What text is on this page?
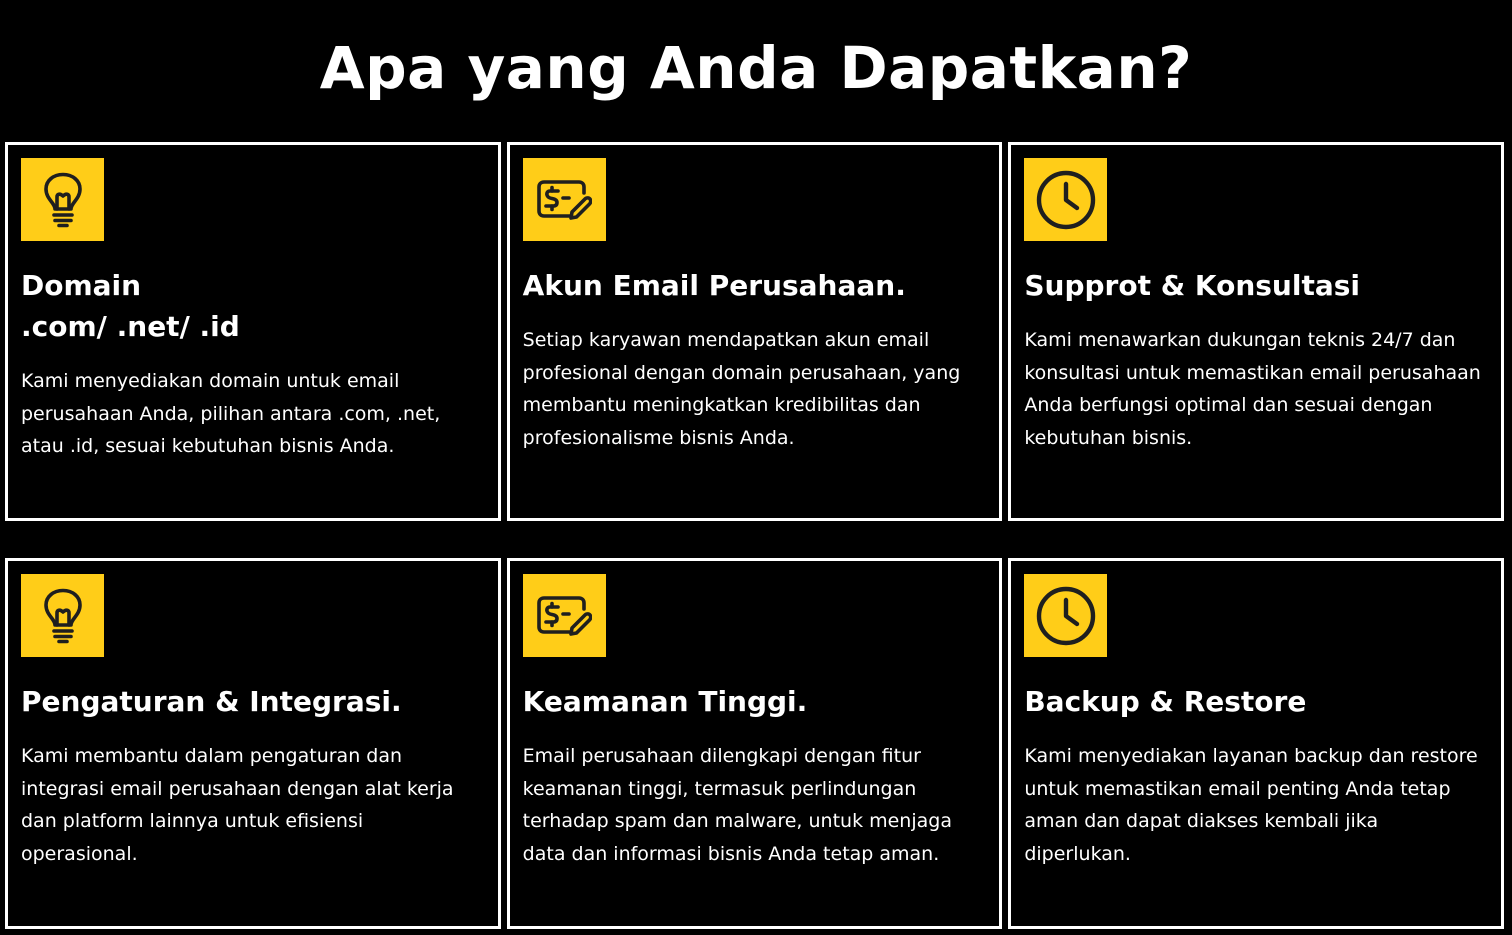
Apa yang Anda Dapatkan?
Domain
.com/ .net/ .id

Kami menyediakan domain untuk email perusahaan Anda, pilihan antara .com, .net, atau .id, sesuai kebutuhan bisnis Anda.

Akun Email Perusahaan.

Setiap karyawan mendapatkan akun email profesional dengan domain perusahaan, yang membantu meningkatkan kredibilitas dan profesionalisme bisnis Anda.

Supprot & Konsultasi

Kami menawarkan dukungan teknis 24/7 dan konsultasi untuk memastikan email perusahaan Anda berfungsi optimal dan sesuai dengan kebutuhan bisnis.

Pengaturan & Integrasi.

Kami membantu dalam pengaturan dan integrasi email perusahaan dengan alat kerja dan platform lainnya untuk efisiensi operasional.

Keamanan Tinggi.

Email perusahaan dilengkapi dengan fitur keamanan tinggi, termasuk perlindungan terhadap spam dan malware, untuk menjaga data dan informasi bisnis Anda tetap aman.

Backup & Restore

Kami menyediakan layanan backup dan restore untuk memastikan email penting Anda tetap aman dan dapat diakses kembali jika diperlukan.
